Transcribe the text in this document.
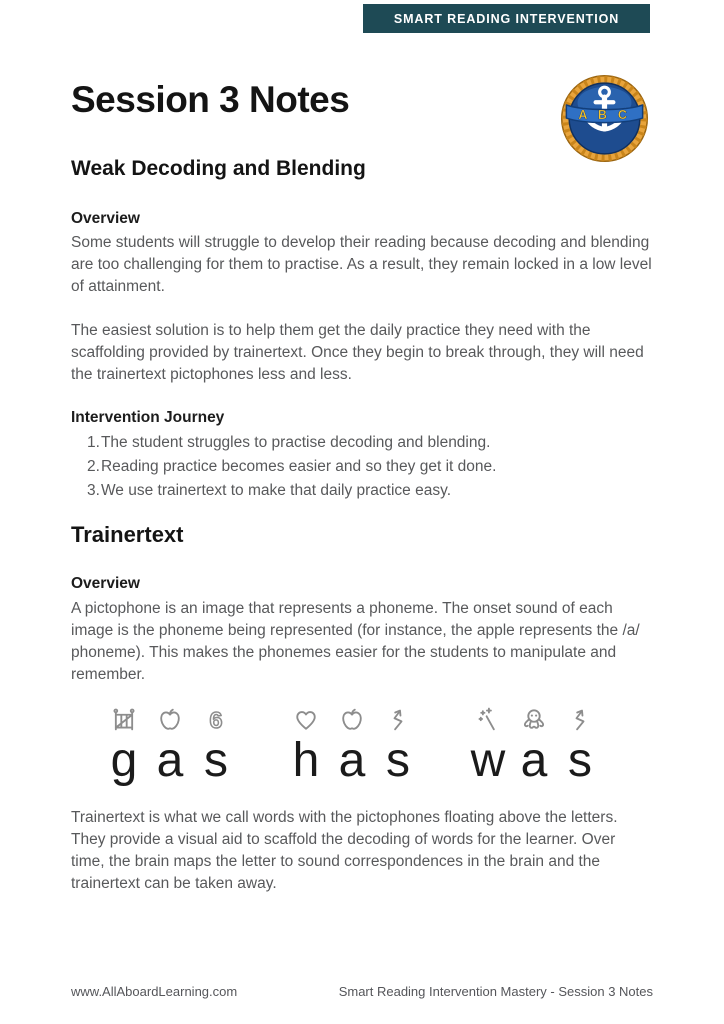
SMART READING INTERVENTION
Session 3 Notes	A B C
Weak Decoding and Blending
Overview

Some students will struggle to develop their reading because decoding and blending are too challenging for them to practise. As a result, they remain locked in a low level of attainment.

The easiest solution is to help them get the daily practice they need with the scaffolding provided by trainertext. Once they begin to break through, they will need the trainertext pictophones less and less.

Intervention Journey
The student struggles to practise decoding and blending.
Reading practice becomes easier and so they get it done.
We use trainertext to make that daily practice easy.
Trainertext
Overview

A pictophone is an image that represents a phoneme. The onset sound of each image is the phoneme being represented (for instance, the apple represents the /a/ phoneme). This makes the phonemes easier for the students to manipulate and remember.

g a
6
s h a s w a s

Trainertext is what we call words with the pictophones floating above the letters. They provide a visual aid to scaffold the decoding of words for the learner. Over time, the brain maps the letter to sound correspondences in the brain and the trainertext can be taken away.

www.AllAboardLearning.com	Smart Reading Intervention Mastery - Session 3 Notes
